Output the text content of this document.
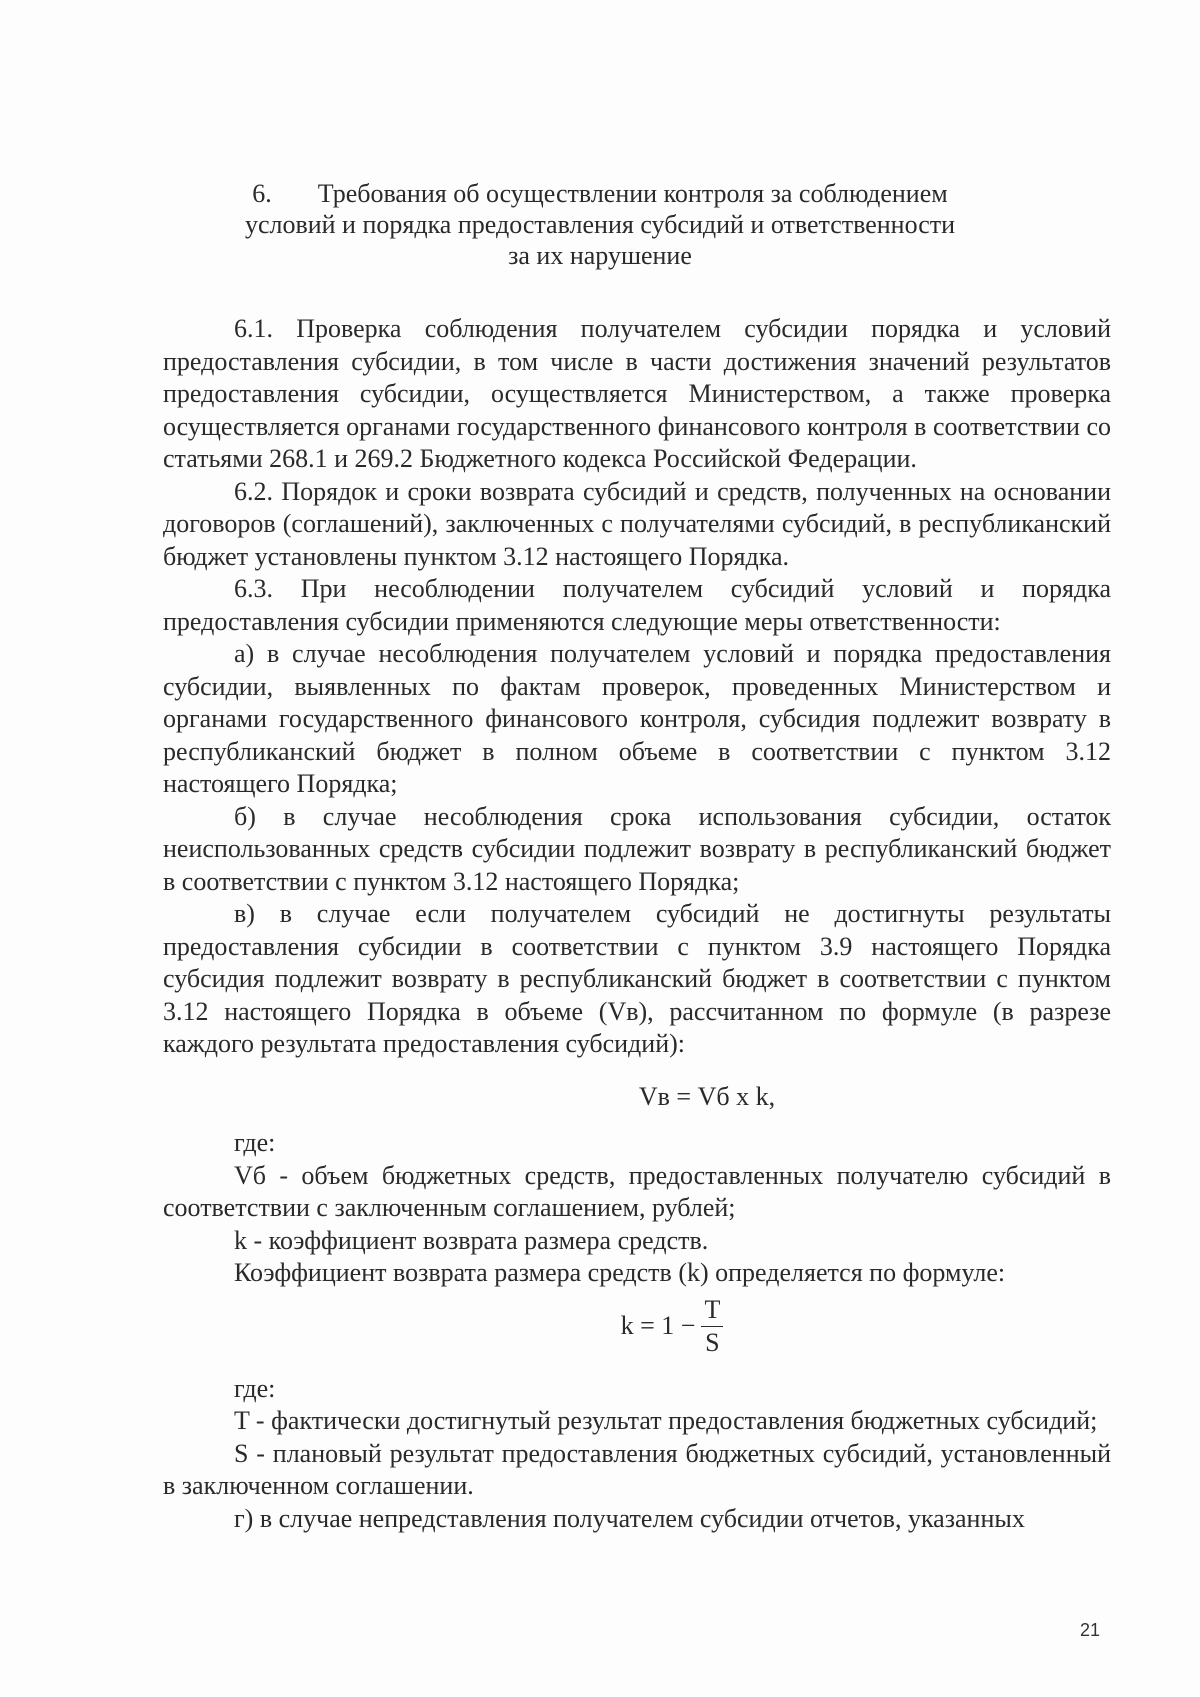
6. Требования об осуществлении контроля за соблюдением
условий и порядка предоставления субсидий и ответственности
за их нарушение

6.1. Проверка соблюдения получателем субсидии порядка и условий предоставления субсидии, в том числе в части достижения значений результатов предоставления субсидии, осуществляется Министерством, а также проверка осуществляется органами государственного финансового контроля в соответствии со статьями 268.1 и 269.2 Бюджетного кодекса Российской Федерации.

6.2. Порядок и сроки возврата субсидий и средств, полученных на основании договоров (соглашений), заключенных с получателями субсидий, в республиканский бюджет установлены пунктом 3.12 настоящего Порядка.

6.3. При несоблюдении получателем субсидий условий и порядка предоставления субсидии применяются следующие меры ответственности:

а) в случае несоблюдения получателем условий и порядка предоставления субсидии, выявленных по фактам проверок, проведенных Министерством и органами государственного финансового контроля, субсидия подлежит возврату в республиканский бюджет в полном объеме в соответствии с пунктом 3.12 настоящего Порядка;

б) в случае несоблюдения срока использования субсидии, остаток неиспользованных средств субсидии подлежит возврату в республиканский бюджет в соответствии с пунктом 3.12 настоящего Порядка;

в) в случае если получателем субсидий не достигнуты результаты предоставления субсидии в соответствии с пунктом 3.9 настоящего Порядка субсидия подлежит возврату в республиканский бюджет в соответствии с пунктом 3.12 настоящего Порядка в объеме (Vв), рассчитанном по формуле (в разрезе каждого результата предоставления субсидий):

Vв = Vб х k,

где:

Vб - объем бюджетных средств, предоставленных получателю субсидий в соответствии с заключенным соглашением, рублей;

k - коэффициент возврата размера средств.

Коэффициент возврата размера средств (k) определяется по формуле:

$k = 1 - \frac{T}{S}$

где:

T - фактически достигнутый результат предоставления бюджетных субсидий;

S - плановый результат предоставления бюджетных субсидий, установленный в заключенном соглашении.

г) в случае непредставления получателем субсидии отчетов, указанных

21
